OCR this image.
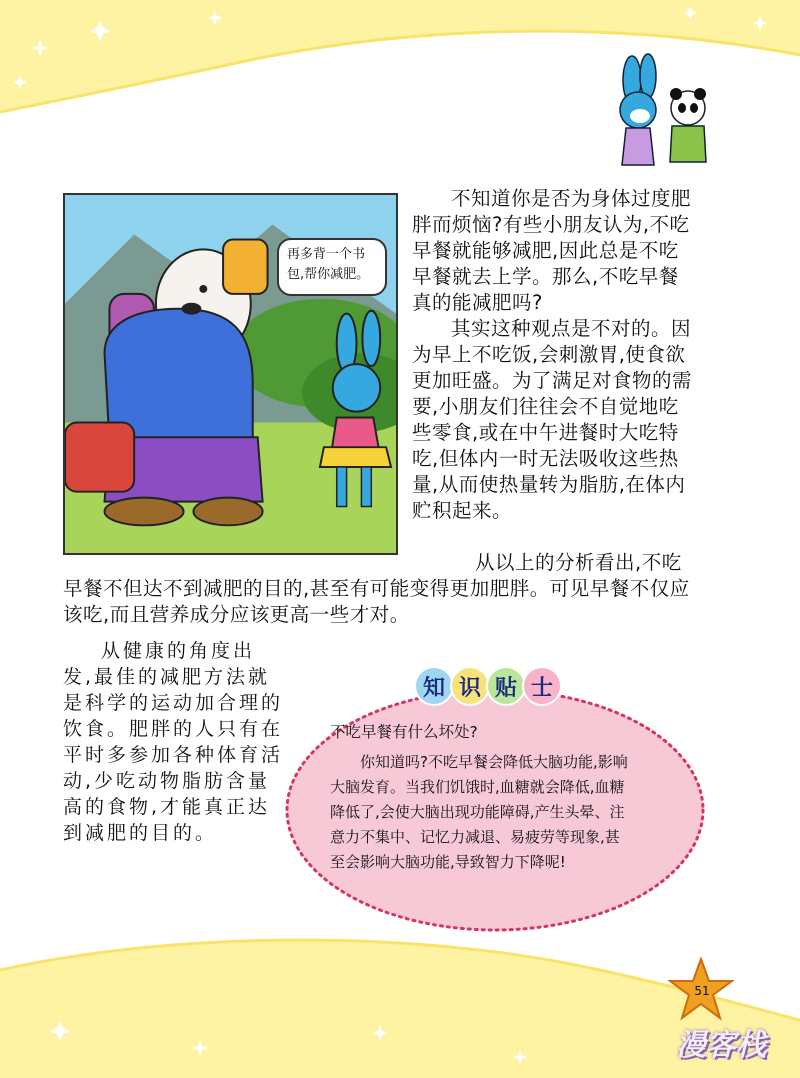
再多背一个书包,帮你减肥。

不知道你是否为身体过度肥胖而烦恼?有些小朋友认为,不吃早餐就能够减肥,因此总是不吃早餐就去上学。那么,不吃早餐真的能减肥吗?

其实这种观点是不对的。因为早上不吃饭,会刺激胃,使食欲更加旺盛。为了满足对食物的需要,小朋友们往往会不自觉地吃些零食,或在中午进餐时大吃特吃,但体内一时无法吸收这些热量,从而使热量转为脂肪,在体内贮积起来。

从以上的分析看出,不吃

早餐不但达不到减肥的目的,甚至有可能变得更加肥胖。可见早餐不仅应该吃,而且营养成分应该更高一些才对。

从健康的角度出发,最佳的减肥方法就是科学的运动加合理的饮食。肥胖的人只有在平时多参加各种体育活动,少吃动物脂肪含量高的食物,才能真正达到减肥的目的。

知 识 贴 士
不吃早餐有什么坏处?

你知道吗?不吃早餐会降低大脑功能,影响大脑发育。当我们饥饿时,血糖就会降低,血糖降低了,会使大脑出现功能障碍,产生头晕、注意力不集中、记忆力减退、易疲劳等现象,甚至会影响大脑功能,导致智力下降呢!

51
漫客栈
